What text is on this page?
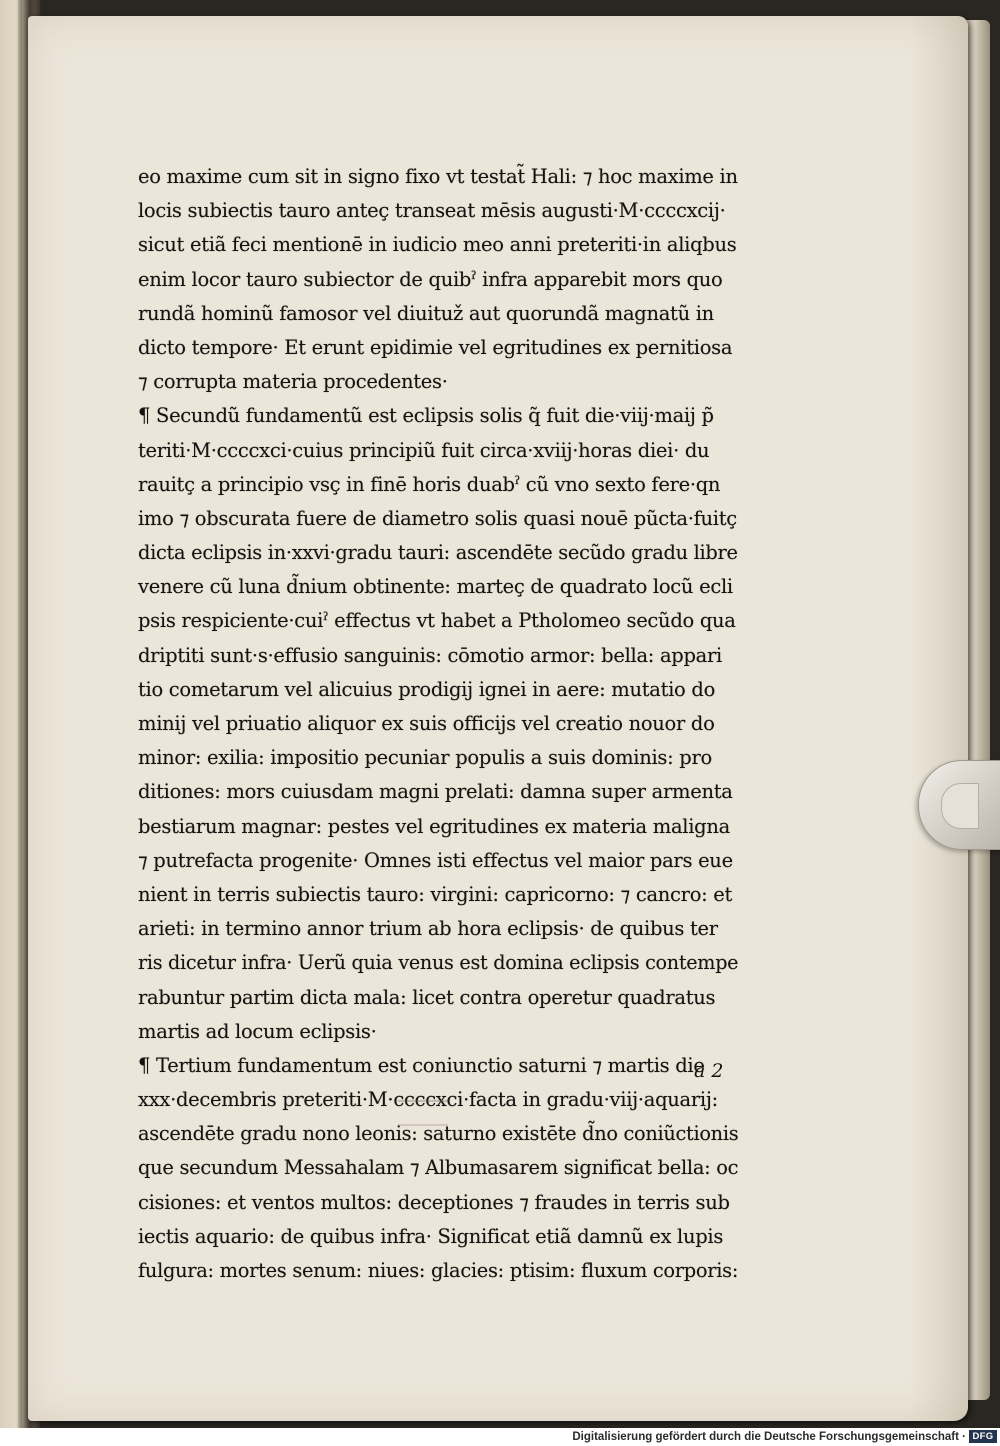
eo maxime cum sit in signo fixo vt testat̃ Hali: ⁊ hoc maxime in
locis subiectis tauro anteç transeat mēsis augusti·M·ccccxcij·
sicut etiã feci mentionē in iudicio meo anni preteriti·in aliqbus
enim locor tauro subiector de quibˀ infra apparebit mors quo
rundã hominũ famosor vel diuituž aut quorundã magnatũ in
dicto tempore· Et erunt epidimie vel egritudines ex pernitiosa
⁊ corrupta materia procedentes·
¶ Secundũ fundamentũ est eclipsis solis q̃ fuit die·viij·maij p̃
teriti·M·ccccxci·cuius principiũ fuit circa·xviij·horas diei· du
rauitç a principio vsç in finē horis duabˀ cũ vno sexto fere·qn
imo ⁊ obscurata fuere de diametro solis quasi nouē pũcta·fuitç
dicta eclipsis in·xxvi·gradu tauri: ascendēte secũdo gradu libre
venere cũ luna d̃nium obtinente: marteç de quadrato locũ ecli
psis respiciente·cuiˀ effectus vt habet a Ptholomeo secũdo qua
driptiti sunt·s·effusio sanguinis: cōmotio armor: bella: appari
tio cometarum vel alicuius prodigij ignei in aere: mutatio do
minij vel priuatio aliquor ex suis officijs vel creatio nouor do
minor: exilia: impositio pecuniar populis a suis dominis: pro
ditiones: mors cuiusdam magni prelati: damna super armenta
bestiarum magnar: pestes vel egritudines ex materia maligna
⁊ putrefacta progenite· Omnes isti effectus vel maior pars eue
nient in terris subiectis tauro: virgini: capricorno: ⁊ cancro: et
arieti: in termino annor trium ab hora eclipsis· de quibus ter
ris dicetur infra· Uerũ quia venus est domina eclipsis contempe
rabuntur partim dicta mala: licet contra operetur quadratus
martis ad locum eclipsis·
¶ Tertium fundamentum est coniunctio saturni ⁊ martis die
xxx·decembris preteriti·M·ccccxci·facta in gradu·viij·aquarij:
ascendēte gradu nono leonis: saturno existēte d̃no coniũctionis
que secundum Messahalam ⁊ Albumasarem significat bella: oc
cisiones: et ventos multos: deceptiones ⁊ fraudes in terris sub
iectis aquario: de quibus infra· Significat etiã damnũ ex lupis
fulgura: mortes senum: niues: glacies: ptisim: fluxum corporis:
a 2
Digitalisierung gefördert durch die Deutsche Forschungsgemeinschaft · DFG
